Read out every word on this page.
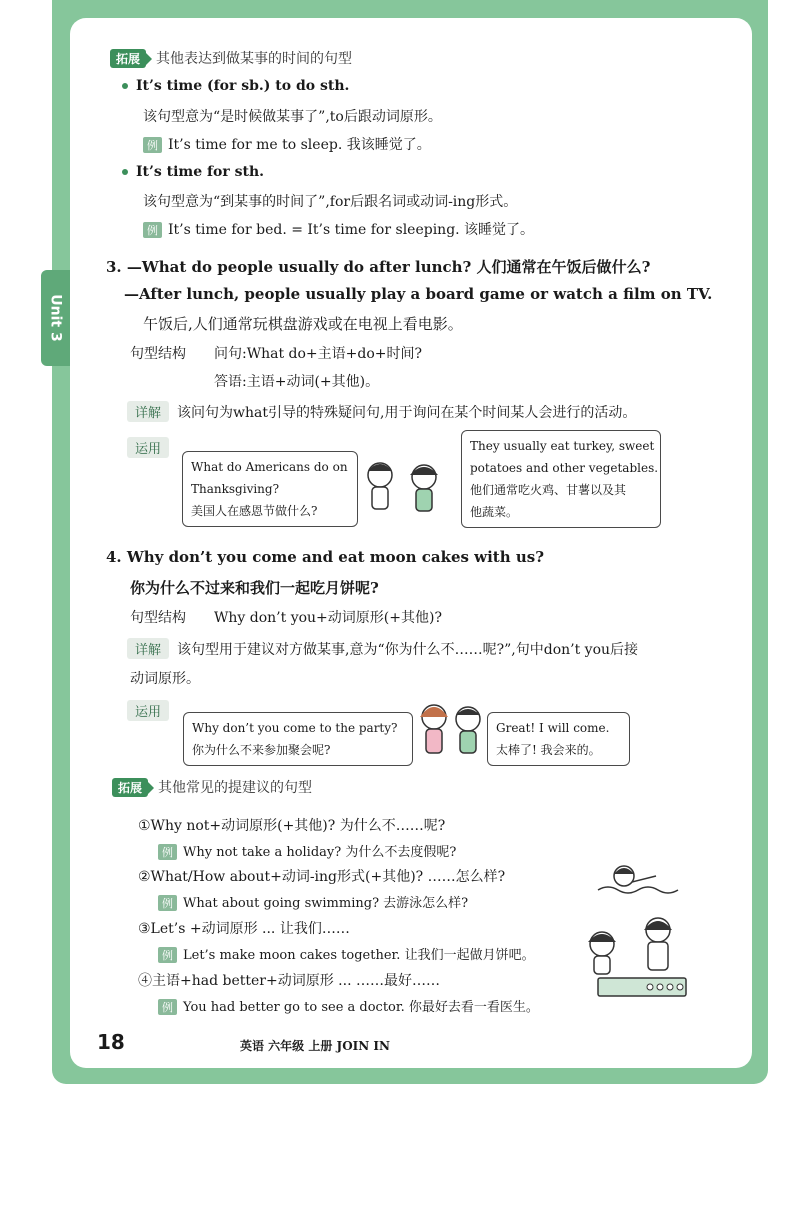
Unit 3
拓展 其他表达到做某事的时间的句型
It’s time (for sb.) to do sth.
该句型意为“是时候做某事了”,to后跟动词原形。
例 It’s time for me to sleep. 我该睡觉了。
It’s time for sth.
该句型意为“到某事的时间了”,for后跟名词或动词-ing形式。
例 It’s time for bed. = It’s time for sleeping. 该睡觉了。
3. —What do people usually do after lunch? 人们通常在午饭后做什么?
—After lunch, people usually play a board game or watch a film on TV.
午饭后,人们通常玩棋盘游戏或在电视上看电影。
句型结构 问句:What do+主语+do+时间?
答语:主语+动词(+其他)。
详解 该问句为what引导的特殊疑问句,用于询问在某个时间某人会进行的活动。
运用
What do Americans do on
Thanksgiving?
美国人在感恩节做什么?
They usually eat turkey, sweet
potatoes and other vegetables.
他们通常吃火鸡、甘薯以及其
他蔬菜。
4. Why don’t you come and eat moon cakes with us?
你为什么不过来和我们一起吃月饼呢?
句型结构 Why don’t you+动词原形(+其他)?
详解 该句型用于建议对方做某事,意为“你为什么不……呢?”,句中don’t you后接
动词原形。
运用
Why don’t you come to the party?
你为什么不来参加聚会呢?
Great! I will come.
太棒了! 我会来的。
拓展 其他常见的提建议的句型
①Why not+动词原形(+其他)? 为什么不……呢?
例 Why not take a holiday? 为什么不去度假呢?
②What/How about+动词-ing形式(+其他)? ……怎么样?
例 What about going swimming? 去游泳怎么样?
③Let’s +动词原形 ... 让我们……
例 Let’s make moon cakes together. 让我们一起做月饼吧。
④主语+had better+动词原形 ... ……最好……
例 You had better go to see a doctor. 你最好去看一看医生。
18	英语 六年级 上册 JOIN IN
